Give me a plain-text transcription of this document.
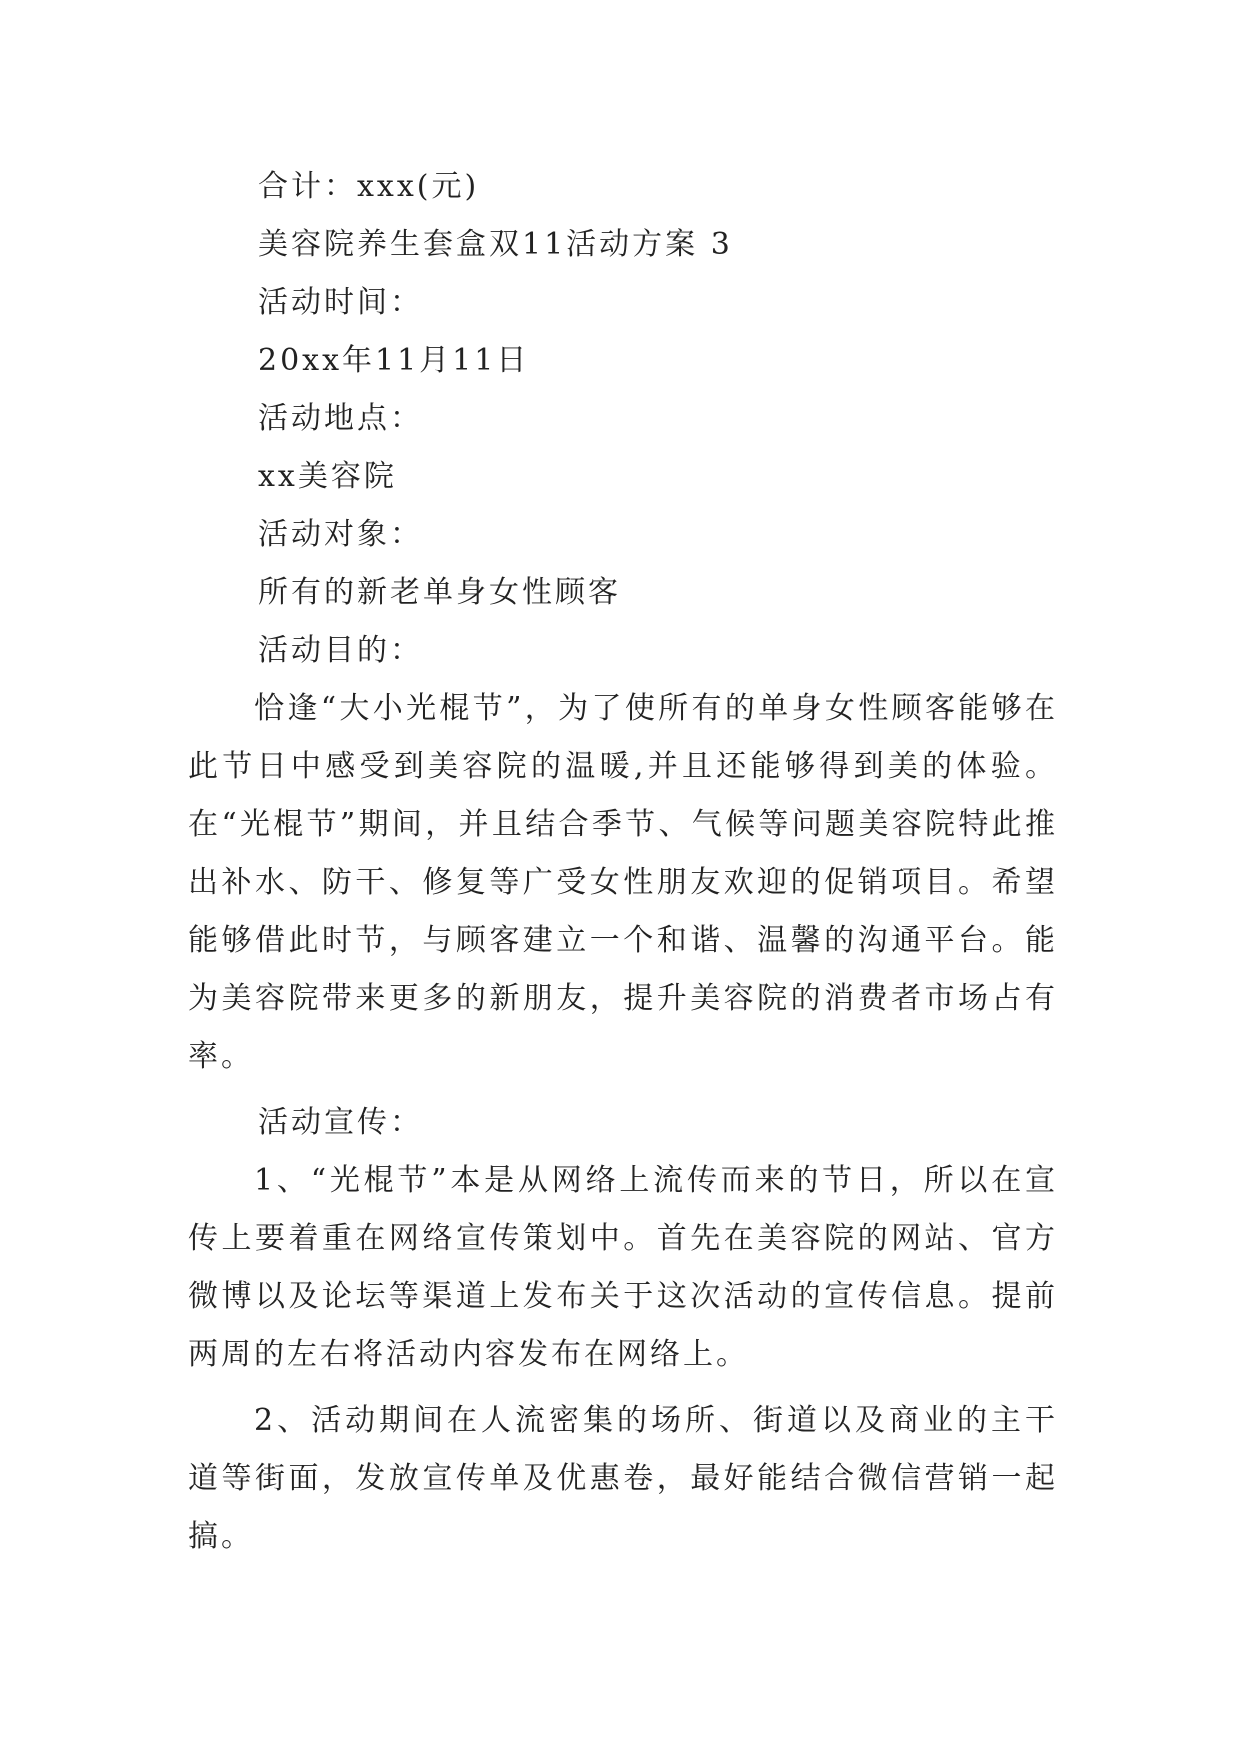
合计：xxx(元)
美容院养生套盒双11活动方案 3
活动时间：
20xx年11月11日
活动地点：
xx美容院
活动对象：
所有的新老单身女性顾客
活动目的：

恰逢“大小光棍节”，为了使所有的单身女性顾客能够在此节日中感受到美容院的温暖,并且还能够得到美的体验。在“光棍节”期间，并且结合季节、气候等问题美容院特此推出补水、防干、修复等广受女性朋友欢迎的促销项目。希望能够借此时节，与顾客建立一个和谐、温馨的沟通平台。能为美容院带来更多的新朋友，提升美容院的消费者市场占有率。

活动宣传：

1、“光棍节”本是从网络上流传而来的节日，所以在宣传上要着重在网络宣传策划中。首先在美容院的网站、官方微博以及论坛等渠道上发布关于这次活动的宣传信息。提前两周的左右将活动内容发布在网络上。

2、活动期间在人流密集的场所、街道以及商业的主干道等街面，发放宣传单及优惠卷，最好能结合微信营销一起搞。
